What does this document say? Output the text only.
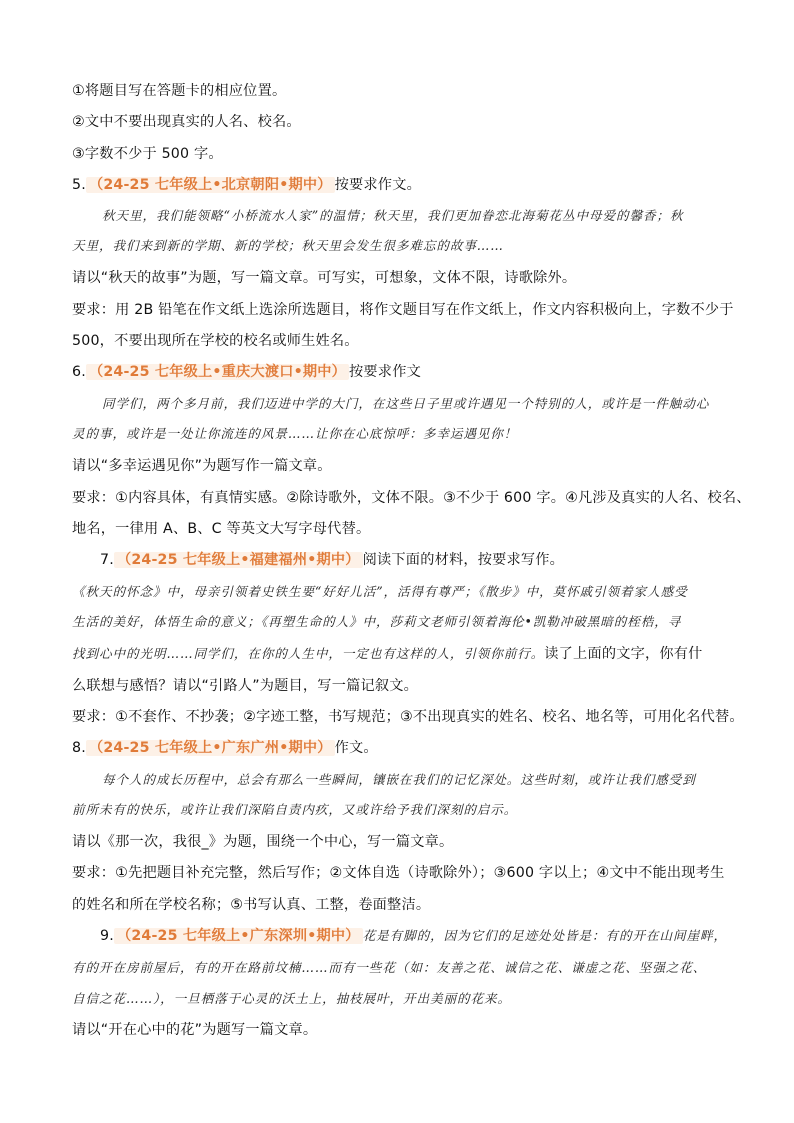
①将题目写在答题卡的相应位置。
②文中不要出现真实的人名、校名。
③字数不少于 500 字。
5. （24-25 七年级上•北京朝阳•期中） 按要求作文。
秋天里，我们能领略“小桥流水人家”的温情；秋天里，我们更加眷恋北海菊花丛中母爱的馨香；秋
天里，我们来到新的学期、新的学校；秋天里会发生很多难忘的故事……
请以“秋天的故事”为题，写一篇文章。可写实，可想象，文体不限，诗歌除外。
要求：用 2B 铅笔在作文纸上选涂所选题目，将作文题目写在作文纸上，作文内容积极向上，字数不少于
500，不要出现所在学校的校名或师生姓名。
6. （24-25 七年级上•重庆大渡口•期中） 按要求作文
同学们，两个多月前，我们迈进中学的大门，在这些日子里或许遇见一个特别的人，或许是一件触动心
灵的事，或许是一处让你流连的风景……让你在心底惊呼：多幸运遇见你！
请以“多幸运遇见你”为题写作一篇文章。
要求：①内容具体，有真情实感。②除诗歌外，文体不限。③不少于 600 字。④凡涉及真实的人名、校名、
地名，一律用 A、B、C 等英文大写字母代替。
7. （24-25 七年级上•福建福州•期中） 阅读下面的材料，按要求写作。
《秋天的怀念》中，母亲引领着史铁生要“好好儿活”，活得有尊严；《散步》中，莫怀戚引领着家人感受
生活的美好，体悟生命的意义；《再塑生命的人》中，莎莉文老师引领着海伦•凯勒冲破黑暗的桎梏，寻
找到心中的光明……同学们，在你的人生中，一定也有这样的人，引领你前行。读了上面的文字，你有什
么联想与感悟？请以“引路人”为题目，写一篇记叙文。
要求：①不套作、不抄袭；②字迹工整，书写规范；③不出现真实的姓名、校名、地名等，可用化名代替。
8. （24-25 七年级上•广东广州•期中） 作文。
每个人的成长历程中，总会有那么一些瞬间，镶嵌在我们的记忆深处。这些时刻，或许让我们感受到
前所未有的快乐，或许让我们深陷自责内疚，又或许给予我们深刻的启示。
请以《那一次，我很_》为题，围绕一个中心，写一篇文章。
要求：①先把题目补充完整，然后写作；②文体自选（诗歌除外）；③600 字以上；④文中不能出现考生
的姓名和所在学校名称；⑤书写认真、工整，卷面整洁。
9. （24-25 七年级上•广东深圳•期中） 花是有脚的，因为它们的足迹处处皆是：有的开在山间崖畔，
有的开在房前屋后，有的开在路前坟楠……而有一些花（如：友善之花、诚信之花、谦虚之花、坚强之花、
自信之花……），一旦栖落于心灵的沃土上，抽枝展叶，开出美丽的花来。
请以“开在心中的花”为题写一篇文章。
